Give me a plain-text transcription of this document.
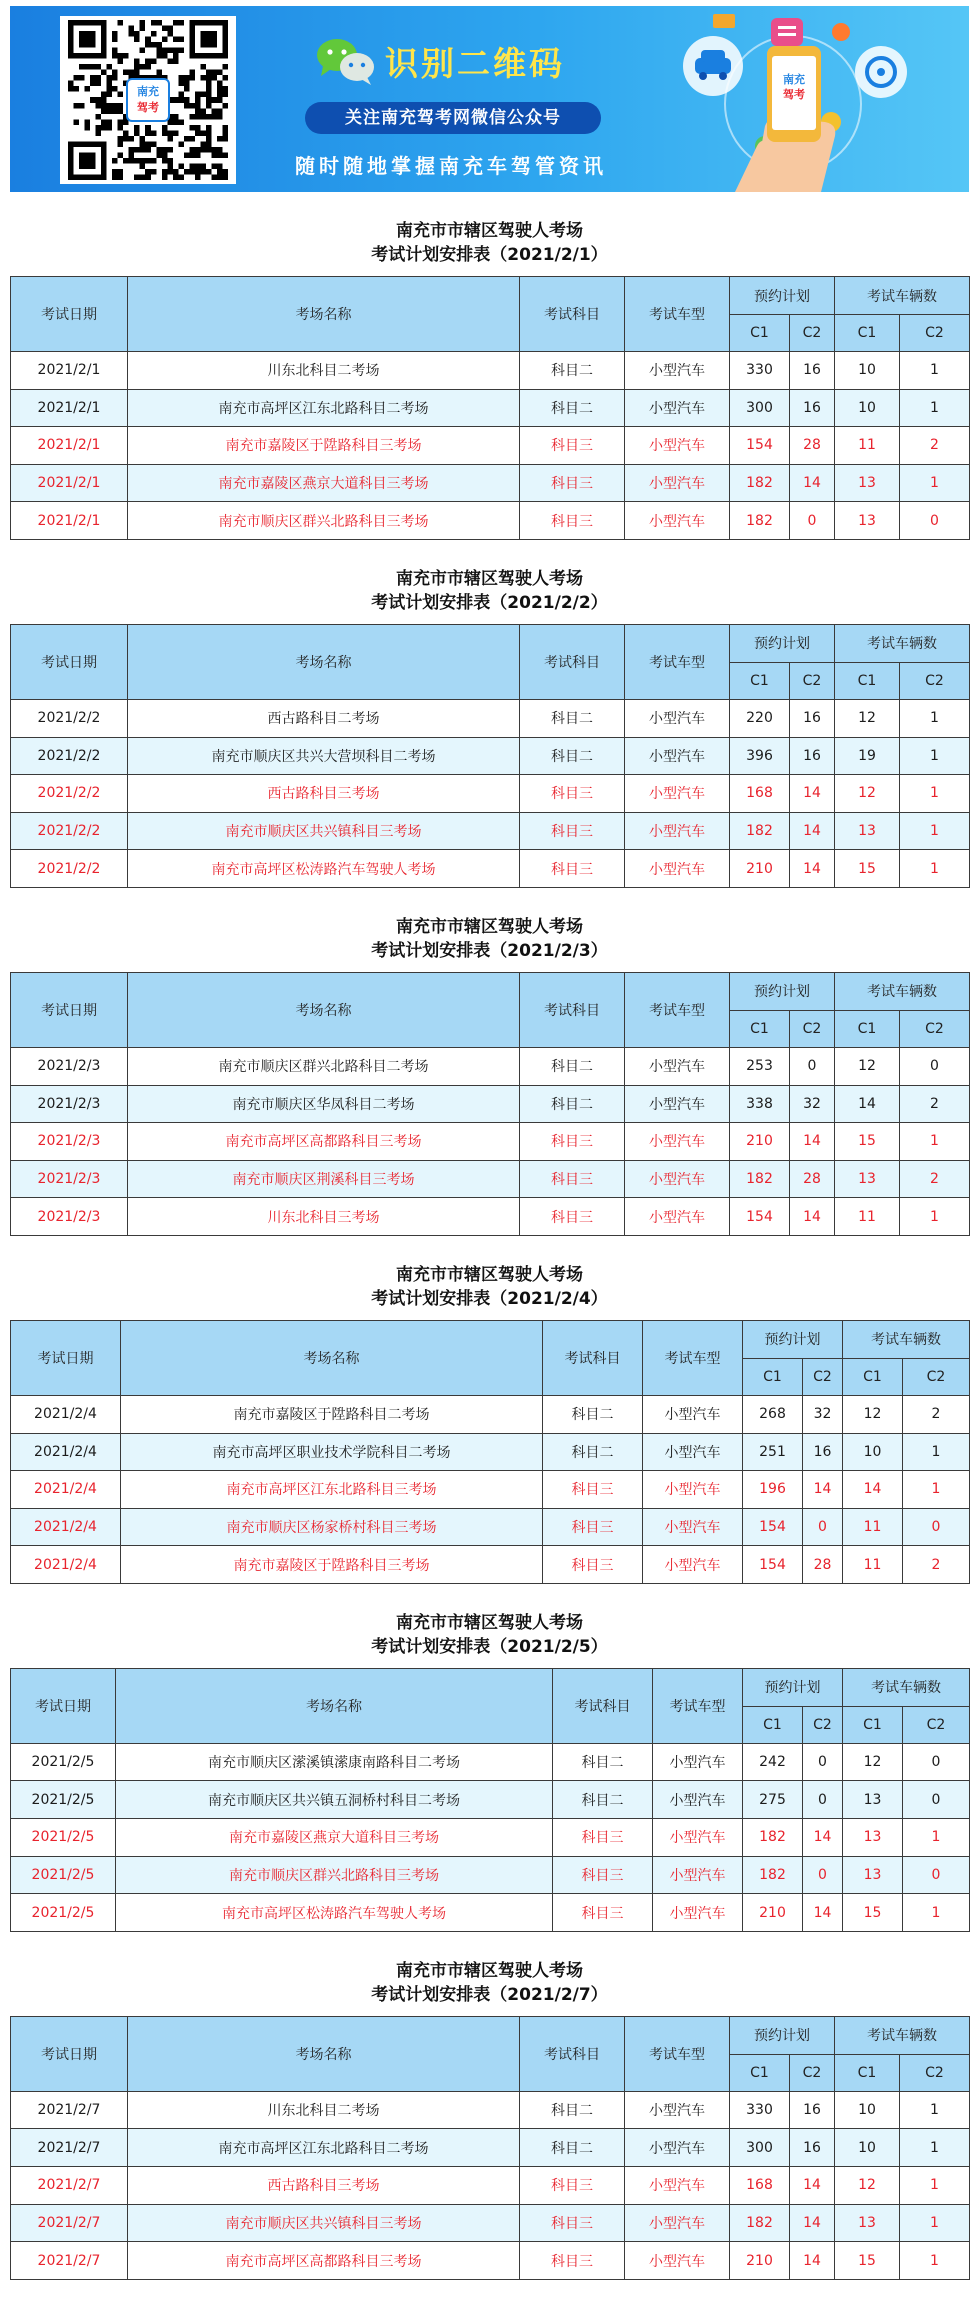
南充
驾考
识别二维码
关注南充驾考网微信公众号
随时随地掌握南充车驾管资讯
南充
驾考
南充市市辖区驾驶人考场
考试计划安排表（2021/2/1）
考试日期	考场名称	考试科目	考试车型	预约计划		考试车辆数	
				C1	C2	C1	C2
2021/2/1	川东北科目二考场	科目二	小型汽车	330	16	10	1
2021/2/1	南充市高坪区江东北路科目二考场	科目二	小型汽车	300	16	10	1
2021/2/1	南充市嘉陵区于陞路科目三考场	科目三	小型汽车	154	28	11	2
2021/2/1	南充市嘉陵区燕京大道科目三考场	科目三	小型汽车	182	14	13	1
2021/2/1	南充市顺庆区群兴北路科目三考场	科目三	小型汽车	182	0	13	0
南充市市辖区驾驶人考场
考试计划安排表（2021/2/2）
考试日期	考场名称	考试科目	考试车型	预约计划		考试车辆数	
				C1	C2	C1	C2
2021/2/2	西古路科目二考场	科目二	小型汽车	220	16	12	1
2021/2/2	南充市顺庆区共兴大营坝科目二考场	科目二	小型汽车	396	16	19	1
2021/2/2	西古路科目三考场	科目三	小型汽车	168	14	12	1
2021/2/2	南充市顺庆区共兴镇科目三考场	科目三	小型汽车	182	14	13	1
2021/2/2	南充市高坪区松涛路汽车驾驶人考场	科目三	小型汽车	210	14	15	1
南充市市辖区驾驶人考场
考试计划安排表（2021/2/3）
考试日期	考场名称	考试科目	考试车型	预约计划		考试车辆数	
				C1	C2	C1	C2
2021/2/3	南充市顺庆区群兴北路科目二考场	科目二	小型汽车	253	0	12	0
2021/2/3	南充市顺庆区华凤科目二考场	科目二	小型汽车	338	32	14	2
2021/2/3	南充市高坪区高都路科目三考场	科目三	小型汽车	210	14	15	1
2021/2/3	南充市顺庆区荆溪科目三考场	科目三	小型汽车	182	28	13	2
2021/2/3	川东北科目三考场	科目三	小型汽车	154	14	11	1
南充市市辖区驾驶人考场
考试计划安排表（2021/2/4）
考试日期	考场名称	考试科目	考试车型	预约计划		考试车辆数	
				C1	C2	C1	C2
2021/2/4	南充市嘉陵区于陞路科目二考场	科目二	小型汽车	268	32	12	2
2021/2/4	南充市高坪区职业技术学院科目二考场	科目二	小型汽车	251	16	10	1
2021/2/4	南充市高坪区江东北路科目三考场	科目三	小型汽车	196	14	14	1
2021/2/4	南充市顺庆区杨家桥村科目三考场	科目三	小型汽车	154	0	11	0
2021/2/4	南充市嘉陵区于陞路科目三考场	科目三	小型汽车	154	28	11	2
南充市市辖区驾驶人考场
考试计划安排表（2021/2/5）
考试日期	考场名称	考试科目	考试车型	预约计划		考试车辆数	
				C1	C2	C1	C2
2021/2/5	南充市顺庆区潆溪镇潆康南路科目二考场	科目二	小型汽车	242	0	12	0
2021/2/5	南充市顺庆区共兴镇五洞桥村科目二考场	科目二	小型汽车	275	0	13	0
2021/2/5	南充市嘉陵区燕京大道科目三考场	科目三	小型汽车	182	14	13	1
2021/2/5	南充市顺庆区群兴北路科目三考场	科目三	小型汽车	182	0	13	0
2021/2/5	南充市高坪区松涛路汽车驾驶人考场	科目三	小型汽车	210	14	15	1
南充市市辖区驾驶人考场
考试计划安排表（2021/2/7）
考试日期	考场名称	考试科目	考试车型	预约计划		考试车辆数	
				C1	C2	C1	C2
2021/2/7	川东北科目二考场	科目二	小型汽车	330	16	10	1
2021/2/7	南充市高坪区江东北路科目二考场	科目二	小型汽车	300	16	10	1
2021/2/7	西古路科目三考场	科目三	小型汽车	168	14	12	1
2021/2/7	南充市顺庆区共兴镇科目三考场	科目三	小型汽车	182	14	13	1
2021/2/7	南充市高坪区高都路科目三考场	科目三	小型汽车	210	14	15	1
